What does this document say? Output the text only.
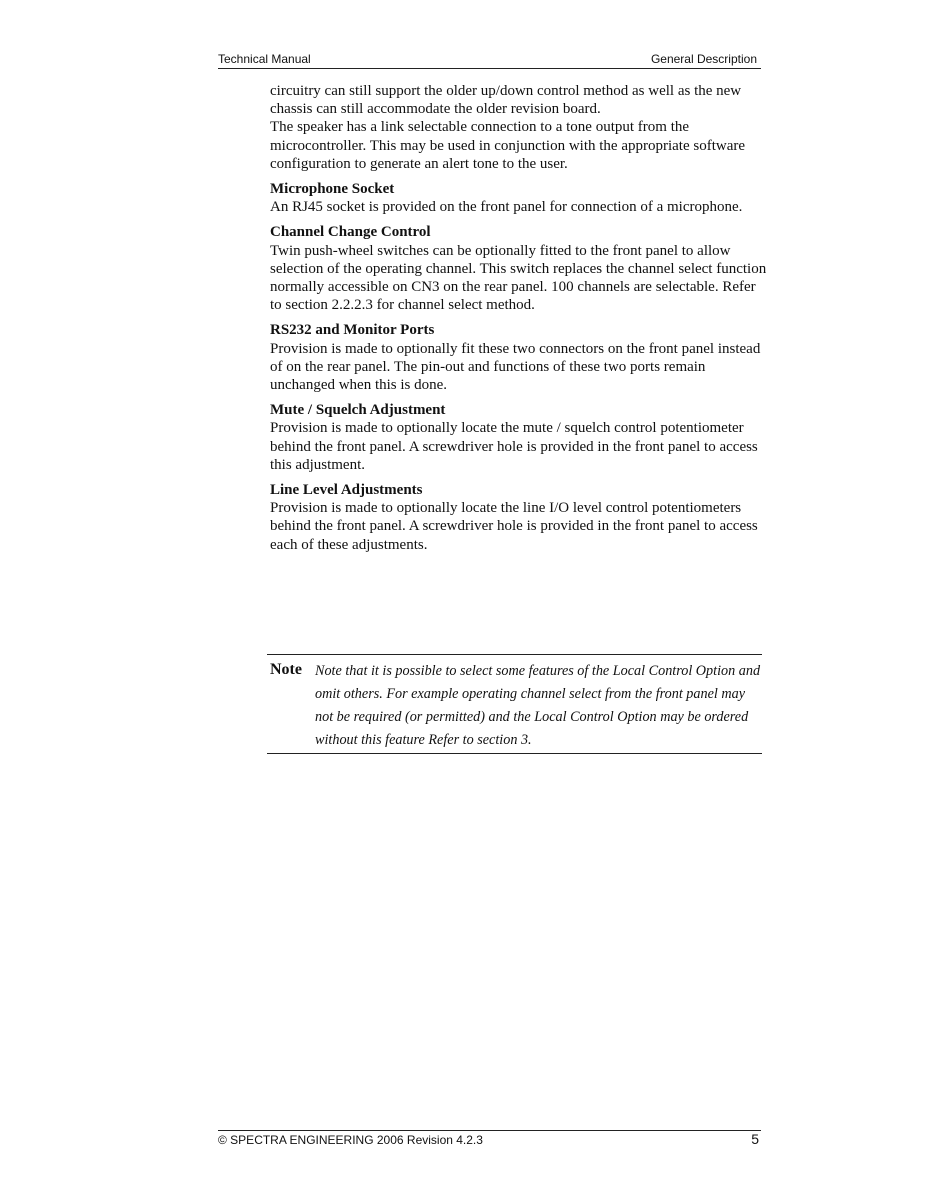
Technical Manual	General Description

circuitry can still support the older up/down control method as well as the new chassis can still accommodate the older revision board.

The speaker has a link selectable connection to a tone output from the microcontroller. This may be used in conjunction with the appropriate software configuration to generate an alert tone to the user.

Microphone Socket

An RJ45 socket is provided on the front panel for connection of a microphone.

Channel Change Control

Twin push-wheel switches can be optionally fitted to the front panel to allow selection of the operating channel. This switch replaces the channel select function normally accessible on CN3 on the rear panel. 100 channels are selectable. Refer to section 2.2.2.3 for channel select method.

RS232 and Monitor Ports

Provision is made to optionally fit these two connectors on the front panel instead of on the rear panel. The pin-out and functions of these two ports remain unchanged when this is done.

Mute / Squelch Adjustment

Provision is made to optionally locate the mute / squelch control potentiometer behind the front panel. A screwdriver hole is provided in the front panel to access this adjustment.

Line Level Adjustments

Provision is made to optionally locate the line I/O level control potentiometers behind the front panel. A screwdriver hole is provided in the front panel to access each of these adjustments.

Note Note that it is possible to select some features of the Local Control Option and omit others. For example operating channel select from the front panel may not be required (or permitted) and the Local Control Option may be ordered without this feature Refer to section 3.
© SPECTRA ENGINEERING 2006 Revision 4.2.3	5
